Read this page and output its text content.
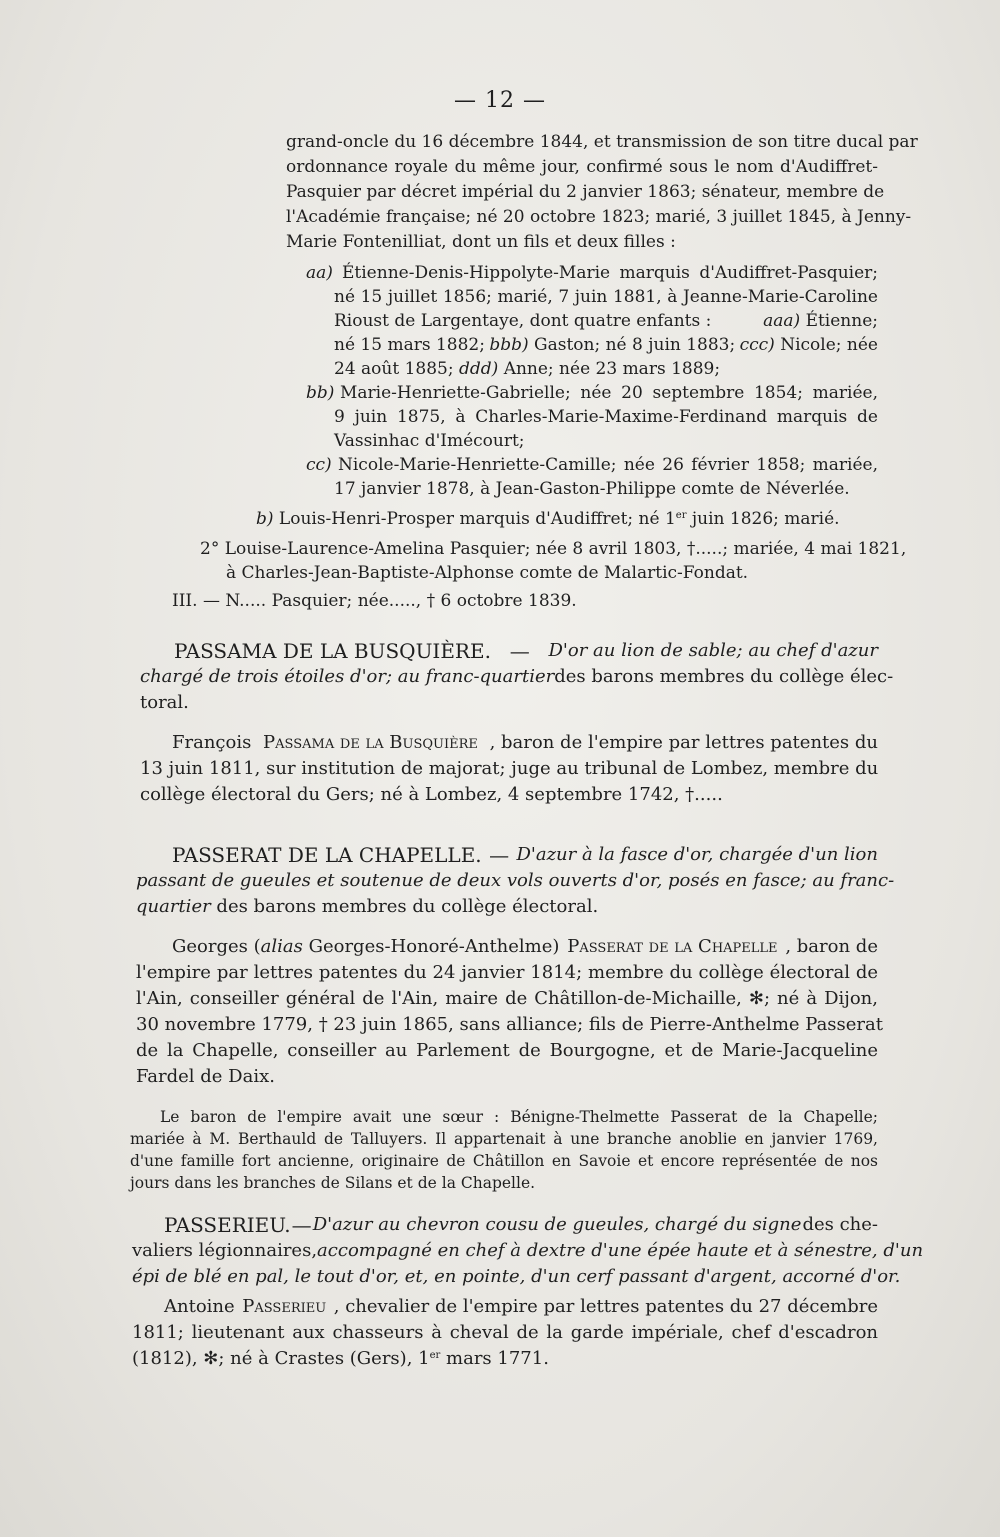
— 12 —
grand-oncle du 16 décembre 1844, et transmission de son titre ducal par
ordonnance royale du même jour, confirmé sous le nom d'Audiffret-
Pasquier par décret impérial du 2 janvier 1863; sénateur, membre de
l'Académie française; né 20 octobre 1823; marié, 3 juillet 1845, à Jenny-
Marie Fontenilliat, dont un fils et deux filles :
aa) Étienne-Denis-Hippolyte-Marie marquis d'Audiffret-Pasquier;
né 15 juillet 1856; marié, 7 juin 1881, à Jeanne-Marie-Caroline
Rioust de Largentaye, dont quatre enfants :	aaa) Étienne;
né 15 mars 1882; bbb) Gaston; né 8 juin 1883; ccc) Nicole; née
24 août 1885; ddd) Anne; née 23 mars 1889;
bb) Marie-Henriette-Gabrielle; née 20 septembre 1854; mariée,
9 juin 1875, à Charles-Marie-Maxime-Ferdinand marquis de
Vassinhac d'Imécourt;
cc) Nicole-Marie-Henriette-Camille; née 26 février 1858; mariée,
17 janvier 1878, à Jean-Gaston-Philippe comte de Néverlée.
b) Louis-Henri-Prosper marquis d'Audiffret; né 1er juin 1826; marié.
2° Louise-Laurence-Amelina Pasquier; née 8 avril 1803, †.....; mariée, 4 mai 1821,
à Charles-Jean-Baptiste-Alphonse comte de Malartic-Fondat.
III. — N..... Pasquier; née....., † 6 octobre 1839.
PASSAMA DE LA BUSQUIÈRE. — D'or au lion de sable; au chef d'azur
chargé de trois étoiles d'or; au franc-quartier des barons membres du collège élec-
toral.
François Passama de la Busquière , baron de l'empire par lettres patentes du
13 juin 1811, sur institution de majorat; juge au tribunal de Lombez, membre du
collège électoral du Gers; né à Lombez, 4 septembre 1742, †.....
PASSERAT DE LA CHAPELLE. — D'azur à la fasce d'or, chargée d'un lion
passant de gueules et soutenue de deux vols ouverts d'or, posés en fasce; au franc-
quartier des barons membres du collège électoral.
Georges (alias Georges-Honoré-Anthelme) Passerat de la Chapelle , baron de
l'empire par lettres patentes du 24 janvier 1814; membre du collège électoral de
l'Ain, conseiller général de l'Ain, maire de Châtillon-de-Michaille, ✻; né à Dijon,
30 novembre 1779, † 23 juin 1865, sans alliance; fils de Pierre-Anthelme Passerat
de la Chapelle, conseiller au Parlement de Bourgogne, et de Marie-Jacqueline
Fardel de Daix.
Le baron de l'empire avait une sœur : Bénigne-Thelmette Passerat de la Chapelle;
mariée à M. Berthauld de Talluyers. Il appartenait à une branche anoblie en janvier 1769,
d'une famille fort ancienne, originaire de Châtillon en Savoie et encore représentée de nos
jours dans les branches de Silans et de la Chapelle.
PASSERIEU. — D'azur au chevron cousu de gueules, chargé du signe des che-
valiers légionnaires, accompagné en chef à dextre d'une épée haute et à sénestre, d'un
épi de blé en pal, le tout d'or, et, en pointe, d'un cerf passant d'argent, accorné d'or.
Antoine Passerieu , chevalier de l'empire par lettres patentes du 27 décembre
1811; lieutenant aux chasseurs à cheval de la garde impériale, chef d'escadron
(1812), ✻; né à Crastes (Gers), 1er mars 1771.
